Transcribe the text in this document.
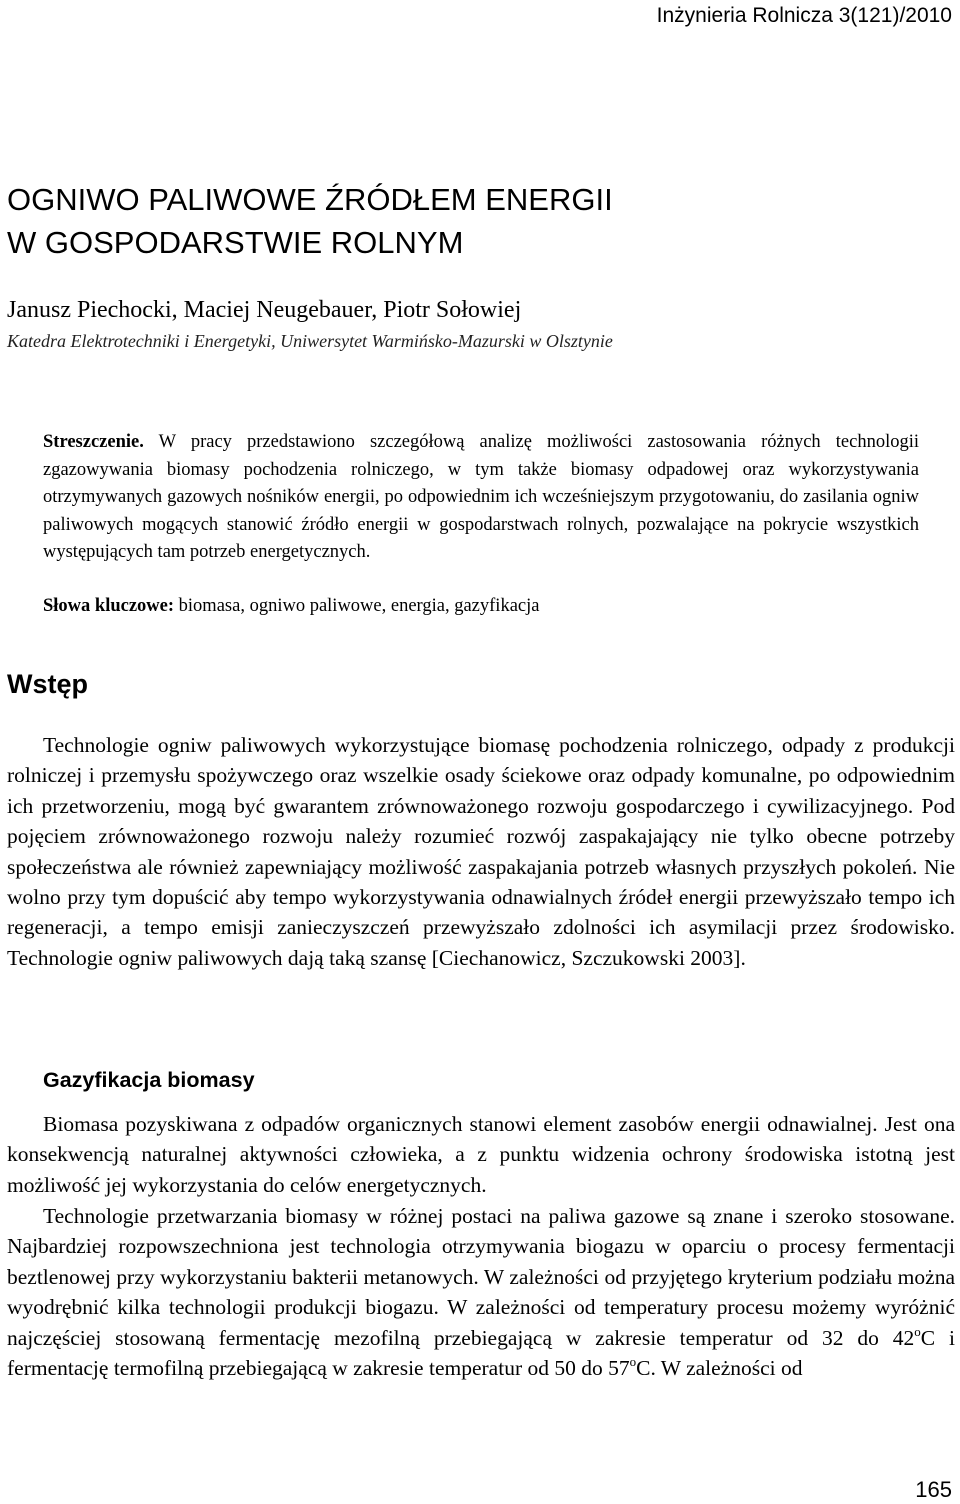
Inżynieria Rolnicza 3(121)/2010
OGNIWO PALIWOWE ŹRÓDŁEM ENERGII
W GOSPODARSTWIE ROLNYM
Janusz Piechocki, Maciej Neugebauer, Piotr Sołowiej
Katedra Elektrotechniki i Energetyki, Uniwersytet Warmińsko-Mazurski w Olsztynie

Streszczenie. W pracy przedstawiono szczegółową analizę możliwości zastosowania różnych technologii zgazowywania biomasy pochodzenia rolniczego, w tym także biomasy odpadowej oraz wykorzystywania otrzymywanych gazowych nośników energii, po odpowiednim ich wcześniejszym przygotowaniu, do zasilania ogniw paliwowych mogących stanowić źródło energii w gospodarstwach rolnych, pozwalające na pokrycie wszystkich występujących tam potrzeb energetycznych.

Słowa kluczowe: biomasa, ogniwo paliwowe, energia, gazyfikacja

Wstęp

Technologie ogniw paliwowych wykorzystujące biomasę pochodzenia rolniczego, odpady z produkcji rolniczej i przemysłu spożywczego oraz wszelkie osady ściekowe oraz odpady komunalne, po odpowiednim ich przetworzeniu, mogą być gwarantem zrównoważonego rozwoju gospodarczego i cywilizacyjnego. Pod pojęciem zrównoważonego rozwoju należy rozumieć rozwój zaspakajający nie tylko obecne potrzeby społeczeństwa ale również zapewniający możliwość zaspakajania potrzeb własnych przyszłych pokoleń. Nie wolno przy tym dopuścić aby tempo wykorzystywania odnawialnych źródeł energii przewyższało tempo ich regeneracji, a tempo emisji zanieczyszczeń przewyższało zdolności ich asymilacji przez środowisko. Technologie ogniw paliwowych dają taką szansę [Ciechanowicz, Szczukowski 2003].

Gazyfikacja biomasy

Biomasa pozyskiwana z odpadów organicznych stanowi element zasobów energii odnawialnej. Jest ona konsekwencją naturalnej aktywności człowieka, a z punktu widzenia ochrony środowiska istotną jest możliwość jej wykorzystania do celów energetycznych.

Technologie przetwarzania biomasy w różnej postaci na paliwa gazowe są znane i szeroko stosowane. Najbardziej rozpowszechniona jest technologia otrzymywania biogazu w oparciu o procesy fermentacji beztlenowej przy wykorzystaniu bakterii metanowych. W zależności od przyjętego kryterium podziału można wyodrębnić kilka technologii produkcji biogazu. W zależności od temperatury procesu możemy wyróżnić najczęściej stosowaną fermentację mezofilną przebiegającą w zakresie temperatur od 32 do 42$^o$C i fermentację termofilną przebiegającą w zakresie temperatur od 50 do 57$^o$C. W zależności od

165
